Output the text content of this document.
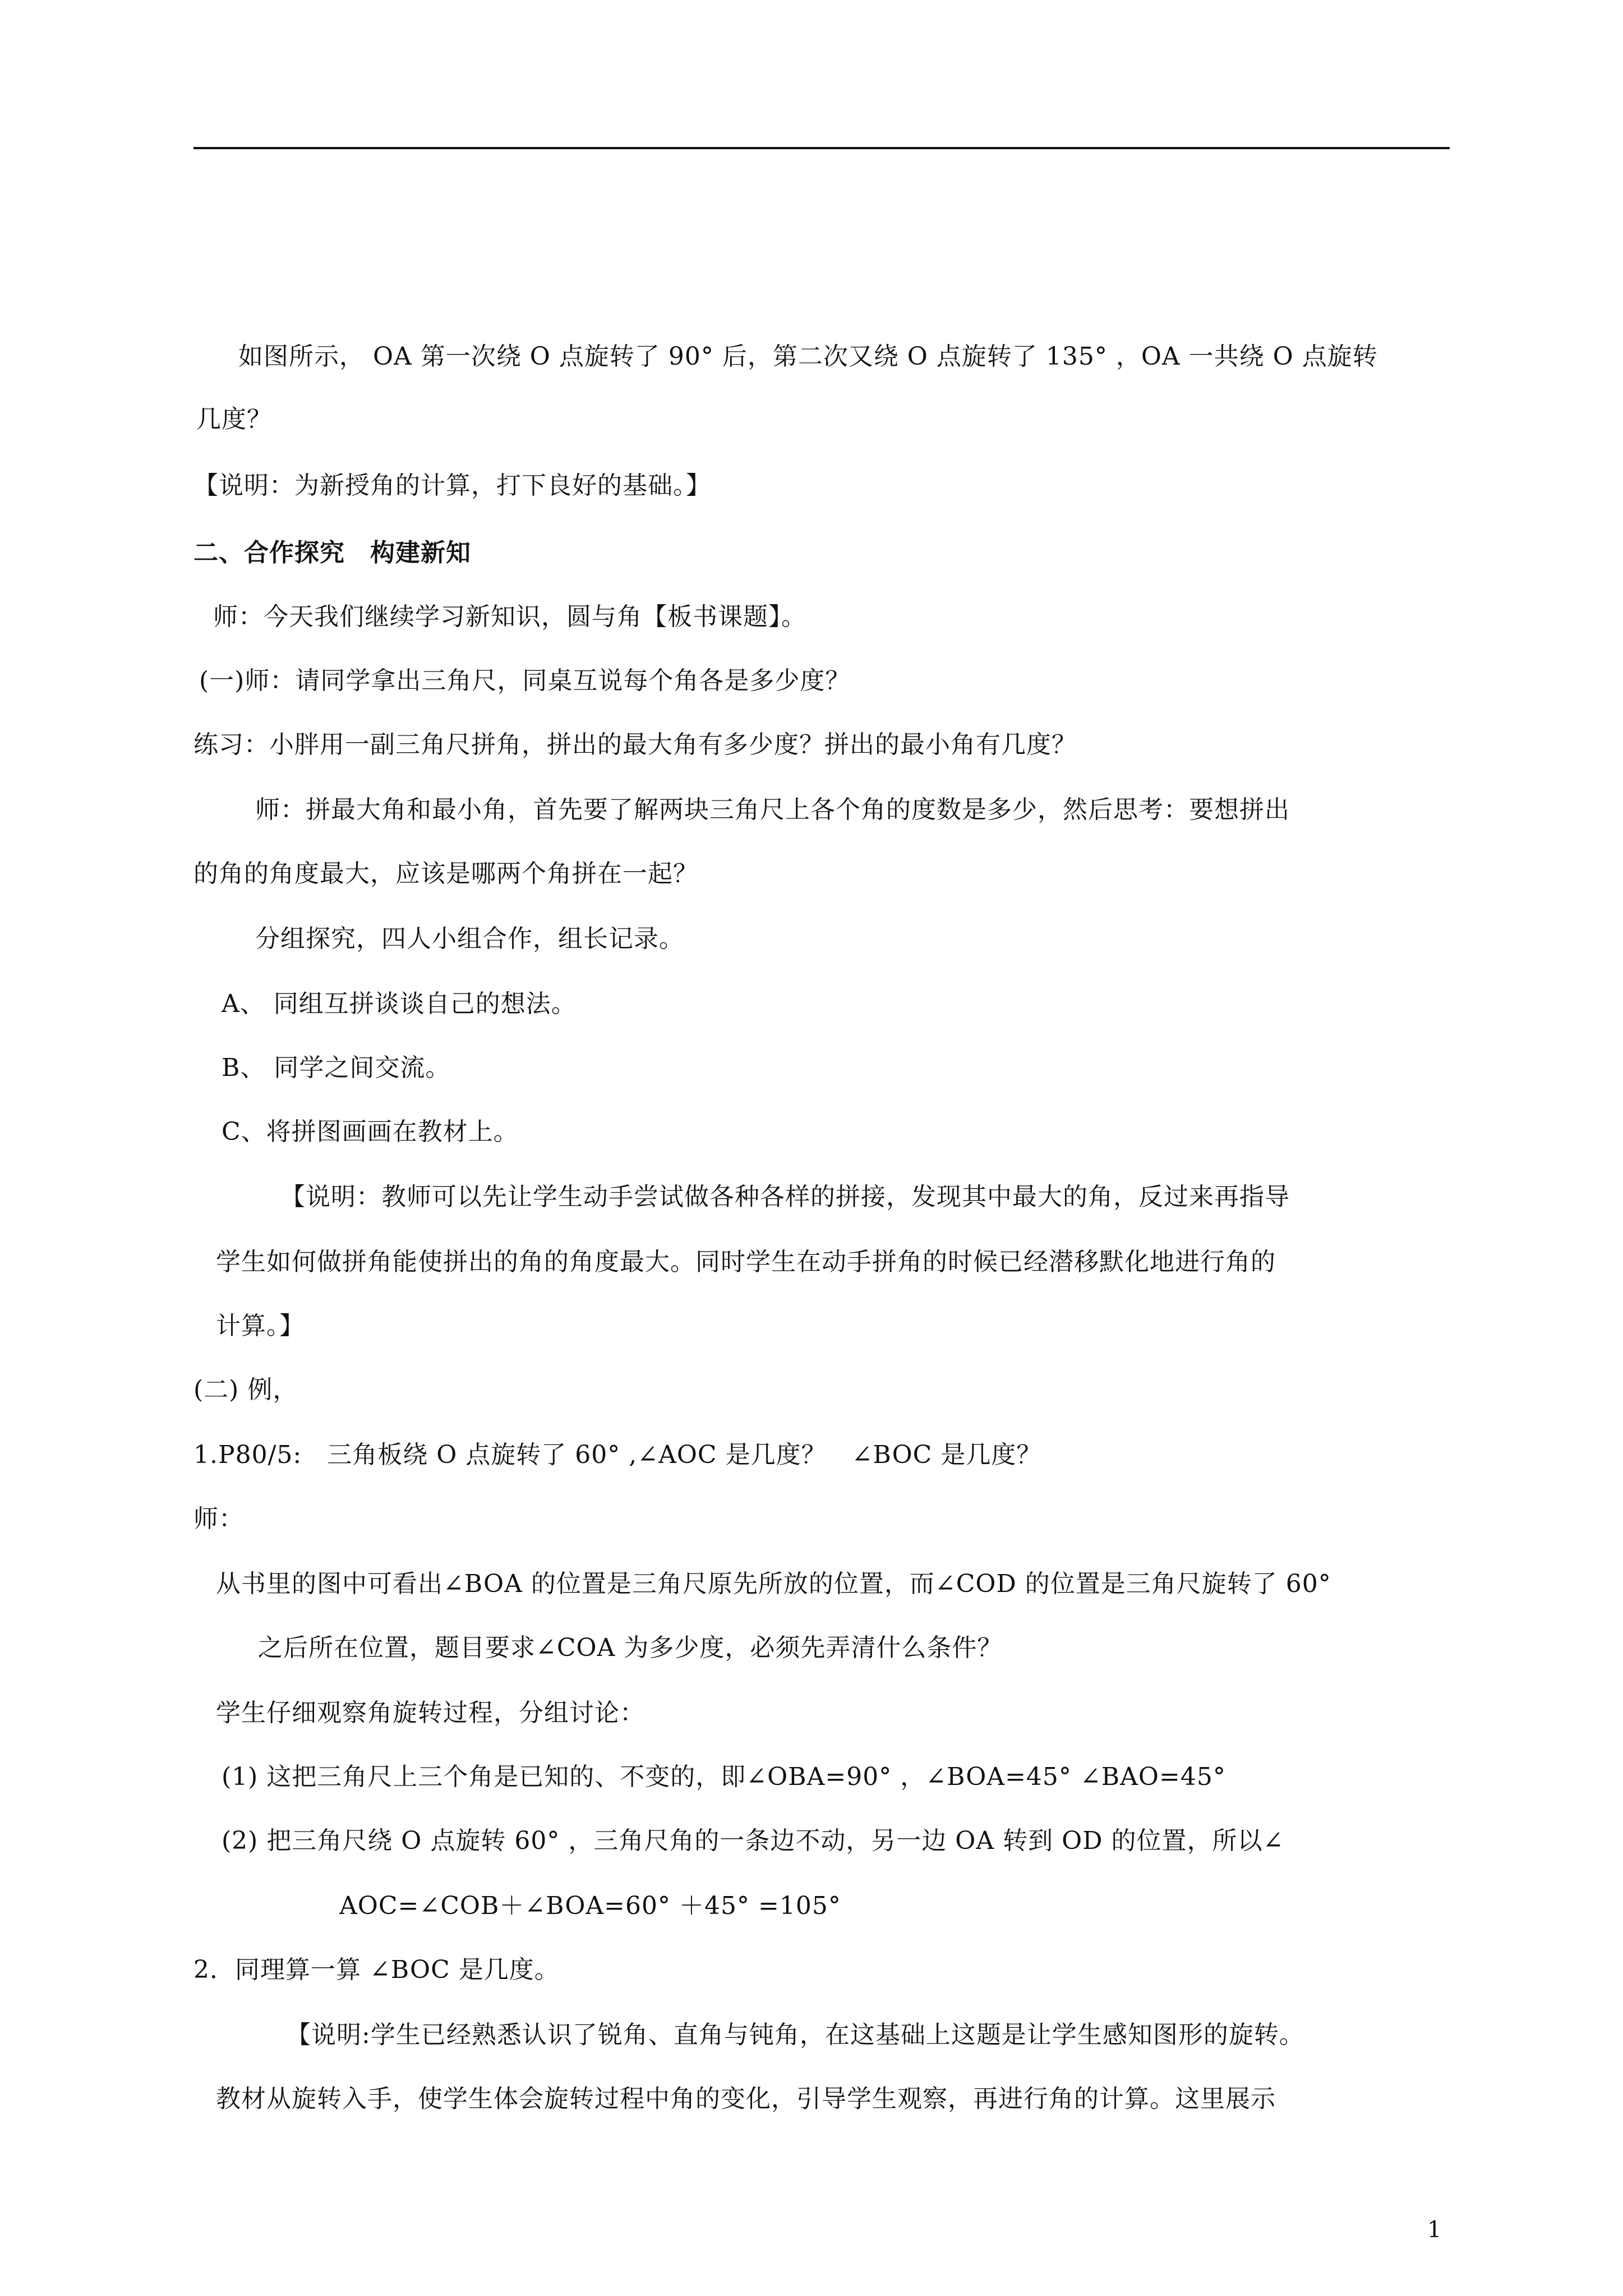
如图所示， OA 第一次绕 O 点旋转了 90° 后，第二次又绕 O 点旋转了 135° ，OA 一共绕 O 点旋转
几度？
【说明：为新授角的计算，打下良好的基础。】
二、合作探究　构建新知
师：今天我们继续学习新知识，圆与角【板书课题】。
(一)师：请同学拿出三角尺，同桌互说每个角各是多少度？
练习：小胖用一副三角尺拼角，拼出的最大角有多少度？拼出的最小角有几度？
师：拼最大角和最小角，首先要了解两块三角尺上各个角的度数是多少，然后思考：要想拼出
的角的角度最大，应该是哪两个角拼在一起？
分组探究，四人小组合作，组长记录。
A、 同组互拼谈谈自己的想法。
B、 同学之间交流。
C、将拼图画画在教材上。
【说明：教师可以先让学生动手尝试做各种各样的拼接，发现其中最大的角，反过来再指导
学生如何做拼角能使拼出的角的角度最大。同时学生在动手拼角的时候已经潜移默化地进行角的
计算。】
(二) 例，
1.P80/5:　三角板绕 O 点旋转了 60° ,∠AOC 是几度？　∠BOC 是几度？
师：
从书里的图中可看出∠BOA 的位置是三角尺原先所放的位置，而∠COD 的位置是三角尺旋转了 60°
之后所在位置，题目要求∠COA 为多少度，必须先弄清什么条件？
学生仔细观察角旋转过程，分组讨论：
(1) 这把三角尺上三个角是已知的、不变的，即∠OBA=90° ，∠BOA=45° ∠BAO=45°
(2) 把三角尺绕 O 点旋转 60° ，三角尺角的一条边不动，另一边 OA 转到 OD 的位置，所以∠
AOC=∠COB＋∠BOA=60° ＋45° =105°
2．同理算一算 ∠BOC 是几度。
【说明:学生已经熟悉认识了锐角、直角与钝角，在这基础上这题是让学生感知图形的旋转。
教材从旋转入手，使学生体会旋转过程中角的变化，引导学生观察，再进行角的计算。这里展示
1
